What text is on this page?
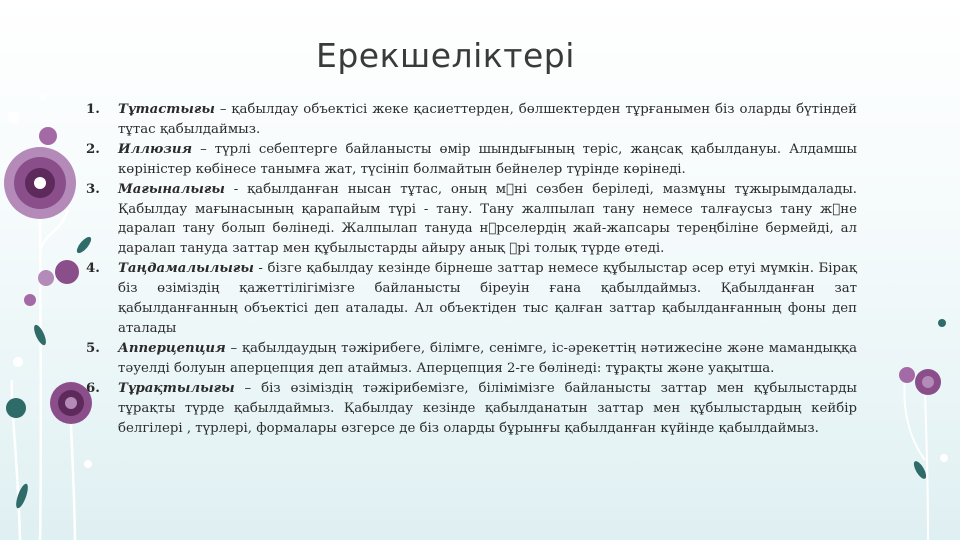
Ерекшеліктері
1. Тұтастығы – қабылдау объектісі жеке қасиеттерден, бөлшектерден тұрғанымен біз оларды бүтіндей тұтас қабылдаймыз.
2. Иллюзия – түрлі себептерге байланысты өмір шындығының теріс, жаңсақ қабылдануы. Алдамшы көріністер көбінесе танымға жат, түсініп болмайтын бейнелер түрінде көрінеді.
3. Мағыналығы - қабылданған нысан тұтас, оның м ні сөзбен беріледі, мазмұны тұжырымдалады. Қабылдау мағынасының қарапайым түрі - тану. Тану жалпылап тану немесе талғаусыз тану ж не даралап тану болып бөлінеді. Жалпылап тануда н рселердің жай-жапсары тереңбіліне бермейді, ал даралап тануда заттар мен құбылыстарды айыру анық  рі толық түрде өтеді.
4. Таңдамалылығы - бізге қабылдау кезінде бірнеше заттар немесе құбылыстар әсер етуі мүмкін. Бірақ біз өзіміздің қажеттілігімізге байланысты біреуін ғана қабылдаймыз. Қабылданған зат қабылданғанның объектісі деп аталады. Ал объектіден тыс қалған заттар қабылданғанның фоны деп аталады
5. Апперцепция – қабылдаудың тәжірибеге, білімге, сенімге, іс-әрекеттің нәтижесіне және мамандыққа тәуелді болуын аперцепция деп атаймыз. Аперцепция 2-ге бөлінеді: тұрақты және уақытша.
6. Тұрақтылығы – біз өзіміздің тәжірибемізге, білімімізге байланысты заттар мен құбылыстарды тұрақты түрде қабылдаймыз. Қабылдау кезінде қабылданатын заттар мен құбылыстардың кейбір белгілері , түрлері, формалары өзгерсе де біз оларды бұрынғы қабылданған күйінде қабылдаймыз.
